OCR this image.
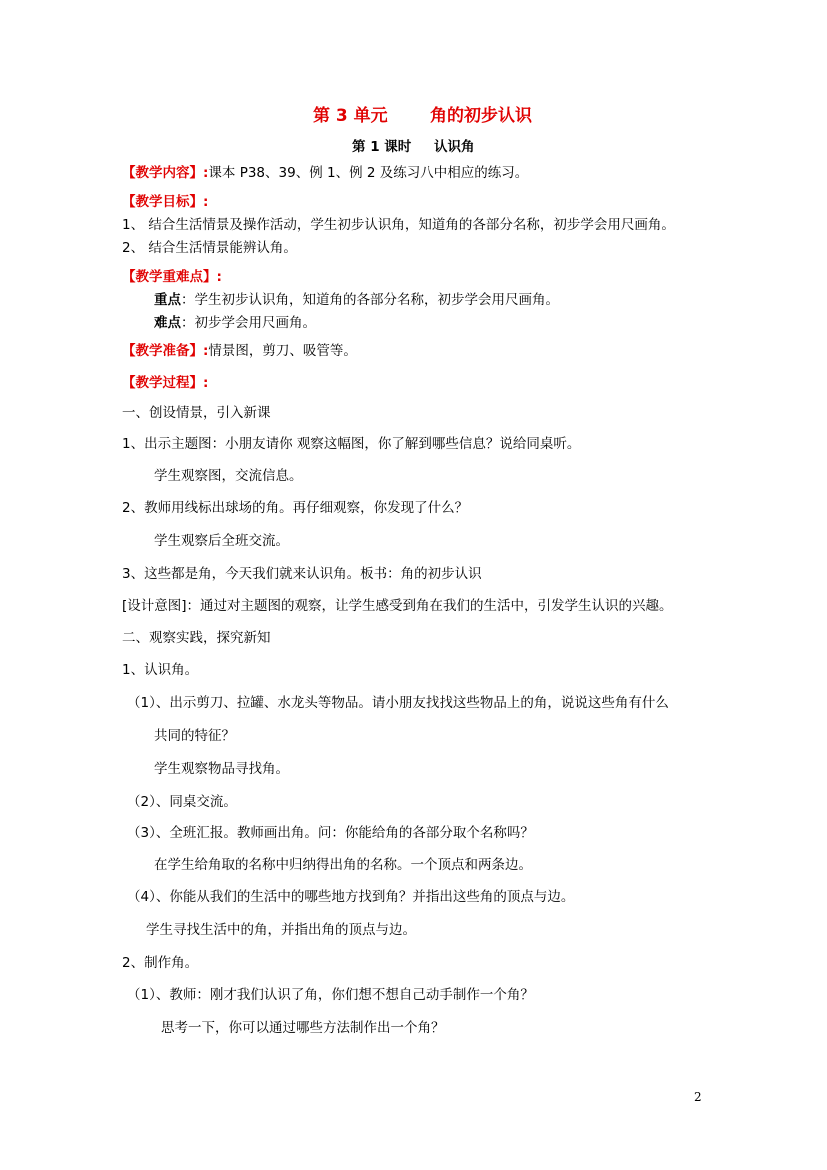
第 3 单元 角的初步认识
第 1 课时 认识角
【教学内容】:课本 P38、39、例 1、例 2 及练习八中相应的练习。
【教学目标】:
1、 结合生活情景及操作活动，学生初步认识角，知道角的各部分名称，初步学会用尺画角。
2、 结合生活情景能辨认角。
【教学重难点】:
重点：学生初步认识角，知道角的各部分名称，初步学会用尺画角。
难点：初步学会用尺画角。
【教学准备】:情景图，剪刀、吸管等。
【教学过程】:
一、创设情景，引入新课
1、出示主题图：小朋友请你 观察这幅图，你了解到哪些信息？说给同桌听。
学生观察图，交流信息。
2、教师用线标出球场的角。再仔细观察，你发现了什么？
学生观察后全班交流。
3、这些都是角，今天我们就来认识角。板书：角的初步认识
[设计意图]：通过对主题图的观察，让学生感受到角在我们的生活中，引发学生认识的兴趣。
二、观察实践，探究新知
1、认识角。
（1）、出示剪刀、拉罐、水龙头等物品。请小朋友找找这些物品上的角，说说这些角有什么
共同的特征？
学生观察物品寻找角。
（2）、同桌交流。
（3）、全班汇报。教师画出角。问：你能给角的各部分取个名称吗？
在学生给角取的名称中归纳得出角的名称。一个顶点和两条边。
（4）、你能从我们的生活中的哪些地方找到角？并指出这些角的顶点与边。
学生寻找生活中的角，并指出角的顶点与边。
2、制作角。
（1）、教师：刚才我们认识了角，你们想不想自己动手制作一个角？
思考一下，你可以通过哪些方法制作出一个角？
2
